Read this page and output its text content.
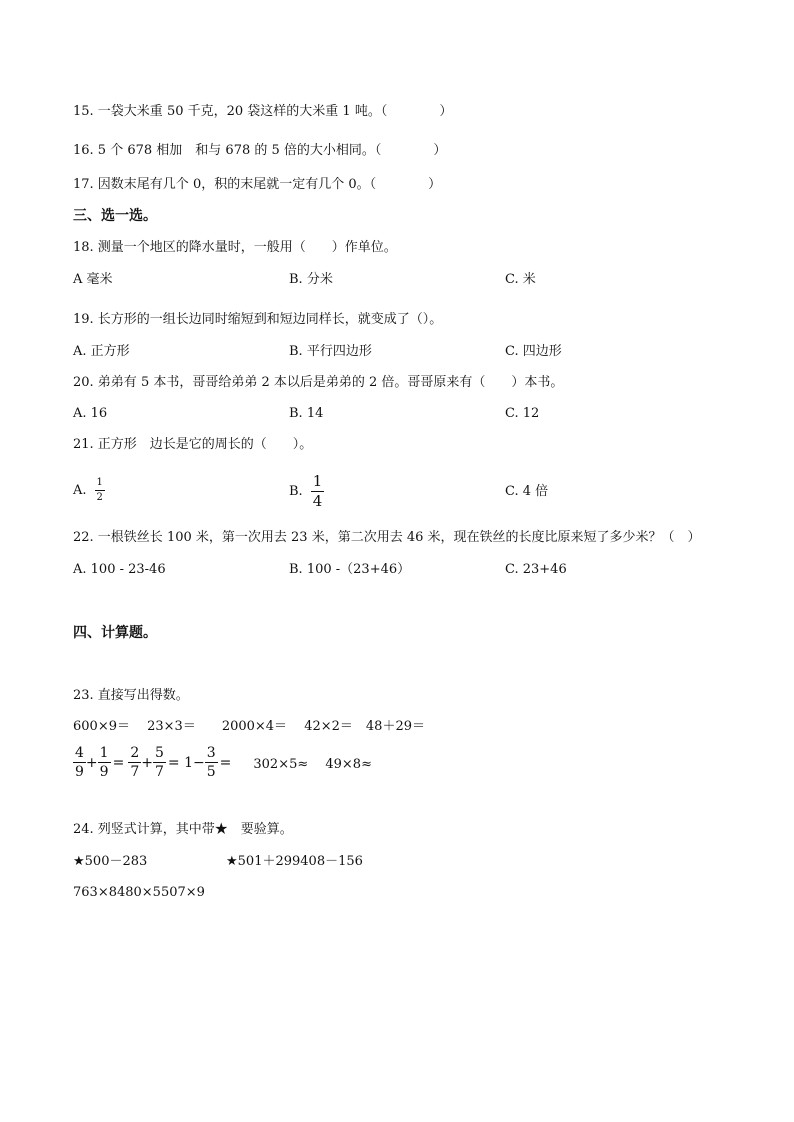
15. 一袋大米重 50 千克，20 袋这样的大米重 1 吨。（　　　　）
16. 5 个 678 相加　和与 678 的 5 倍的大小相同。（　　　　）
17. 因数末尾有几个 0，积的末尾就一定有几个 0。（　　　　）
三、选一选。
18. 测量一个地区的降水量时，一般用（　　）作单位。
A 毫米	B. 分米	C. 米
19. 长方形的一组长边同时缩短到和短边同样长，就变成了（）。
A. 正方形	B. 平行四边形	C. 四边形
20. 弟弟有 5 本书，哥哥给弟弟 2 本以后是弟弟的 2 倍。哥哥原来有（　　）本书。
A. 16	B. 14	C. 12
21. 正方形　边长是它的周长的（　　）。
A. $\frac{1}{2}$	B. $\frac{1}{4}$	C. 4 倍
22. 一根铁丝长 100 米，第一次用去 23 米，第二次用去 46 米，现在铁丝的长度比原来短了多少米？（　）
A. 100 - 23-46	B. 100 -（23+46）	C. 23+46
四、计算题。
23. 直接写出得数。
600×9＝　 23×3＝　　2000×4＝　 42×2＝　48＋29＝
$\frac{4}{9} + \frac{1}{9} = \frac{2}{7} + \frac{5}{7} = 1- \frac{3}{5} = 302\times 5\approx$　 49×8≈
24. 列竖式计算，其中带★　要验算。
★500－283	★501＋299408－156
763×8480×5507×9
